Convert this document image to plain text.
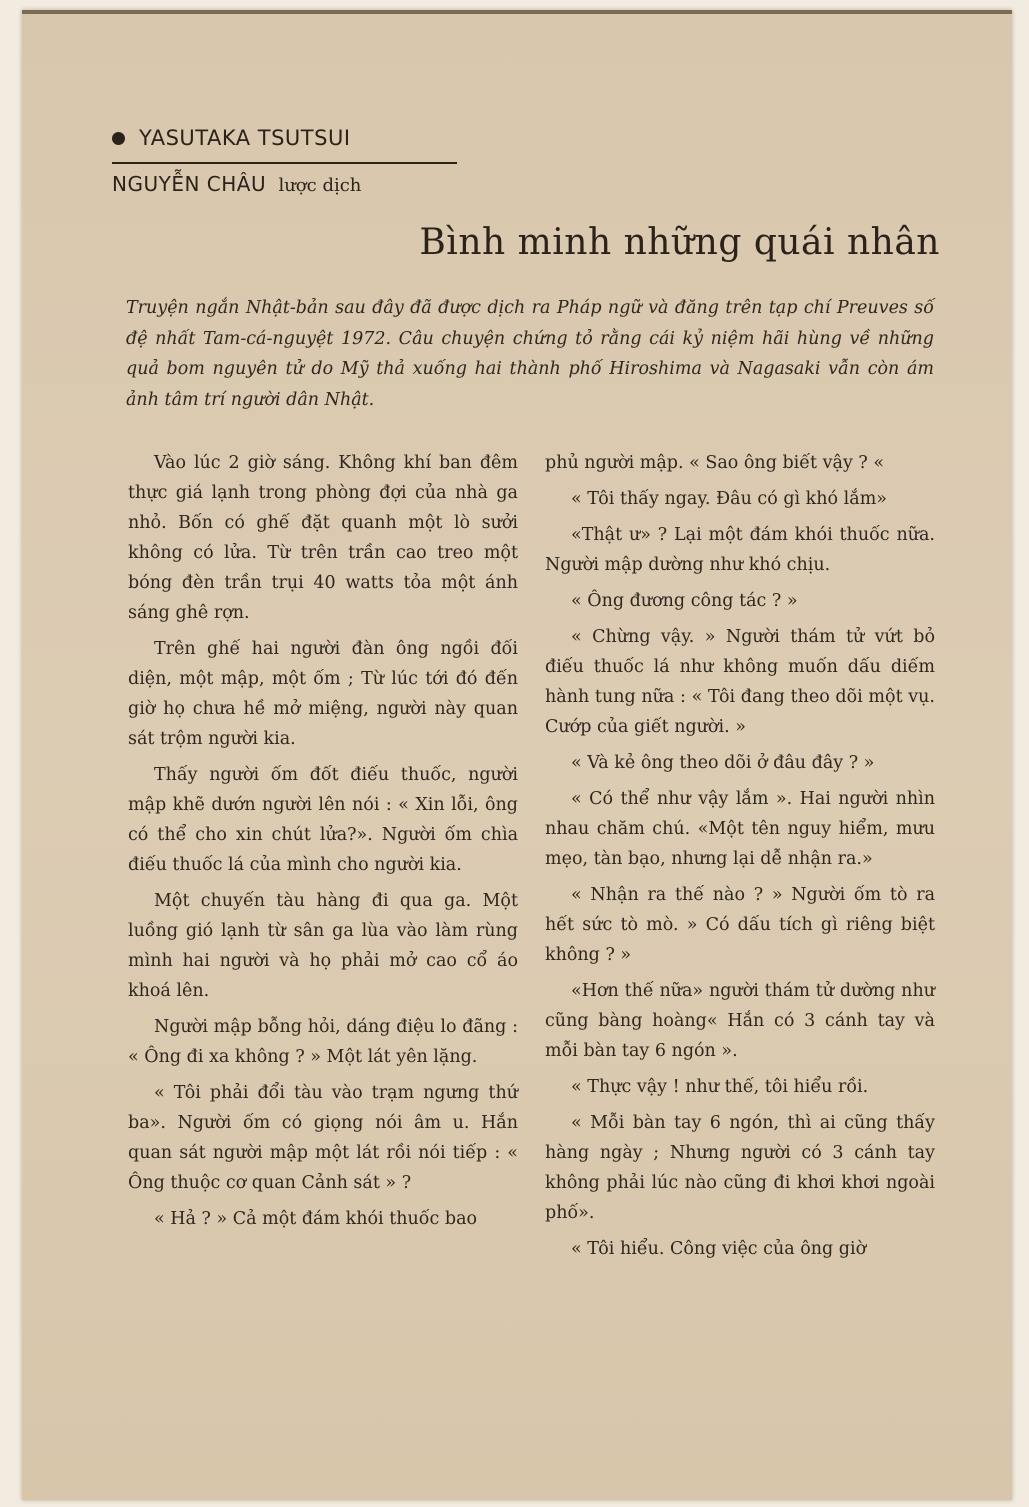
YASUTAKA TSUTSUI
NGUYỄN CHÂU lược dịch
Bình minh những quái nhân

Truyện ngắn Nhật-bản sau đây đã được dịch ra Pháp ngữ và đăng trên tạp chí Preuves số đệ nhất Tam-cá-nguyệt 1972. Câu chuyện chứng tỏ rằng cái kỷ niệm hãi hùng về những quả bom nguyên tử do Mỹ thả xuống hai thành phố Hiroshima và Nagasaki vẫn còn ám ảnh tâm trí người dân Nhật.

Vào lúc 2 giờ sáng. Không khí ban đêm thực giá lạnh trong phòng đợi của nhà ga nhỏ. Bốn có ghế đặt quanh một lò sưởi không có lửa. Từ trên trần cao treo một bóng đèn trần trụi 40 watts tỏa một ánh sáng ghê rợn.

Trên ghế hai người đàn ông ngồi đối diện, một mập, một ốm ; Từ lúc tới đó đến giờ họ chưa hề mở miệng, người này quan sát trộm người kia.

Thấy người ốm đốt điếu thuốc, người mập khẽ dướn người lên nói : « Xin lỗi, ông có thể cho xin chút lửa?». Người ốm chìa điếu thuốc lá của mình cho người kia.

Một chuyến tàu hàng đi qua ga. Một luồng gió lạnh từ sân ga lùa vào làm rùng mình hai người và họ phải mở cao cổ áo khoá lên.

Người mập bỗng hỏi, dáng điệu lo đãng : « Ông đi xa không ? » Một lát yên lặng.

« Tôi phải đổi tàu vào trạm ngưng thứ ba». Người ốm có giọng nói âm u. Hắn quan sát người mập một lát rồi nói tiếp : « Ông thuộc cơ quan Cảnh sát » ?

« Hả ? » Cả một đám khói thuốc bao

phủ người mập. « Sao ông biết vậy ? «

« Tôi thấy ngay. Đâu có gì khó lắm»

«Thật ư» ? Lại một đám khói thuốc nữa. Người mập dường như khó chịu.

« Ông đương công tác ? »

« Chừng vậy. » Người thám tử vứt bỏ điếu thuốc lá như không muốn dấu diếm hành tung nữa : « Tôi đang theo dõi một vụ. Cướp của giết người. »

« Và kẻ ông theo dõi ở đâu đây ? »

« Có thể như vậy lắm ». Hai người nhìn nhau chăm chú. «Một tên nguy hiểm, mưu mẹo, tàn bạo, nhưng lại dễ nhận ra.»

« Nhận ra thế nào ? » Người ốm tò ra hết sức tò mò. » Có dấu tích gì riêng biệt không ? »

«Hơn thế nữa» người thám tử dường như cũng bàng hoàng« Hắn có 3 cánh tay và mỗi bàn tay 6 ngón ».

« Thực vậy ! như thế, tôi hiểu rồi.

« Mỗi bàn tay 6 ngón, thì ai cũng thấy hàng ngày ; Nhưng người có 3 cánh tay không phải lúc nào cũng đi khơi khơi ngoài phố».

« Tôi hiểu. Công việc của ông giờ
